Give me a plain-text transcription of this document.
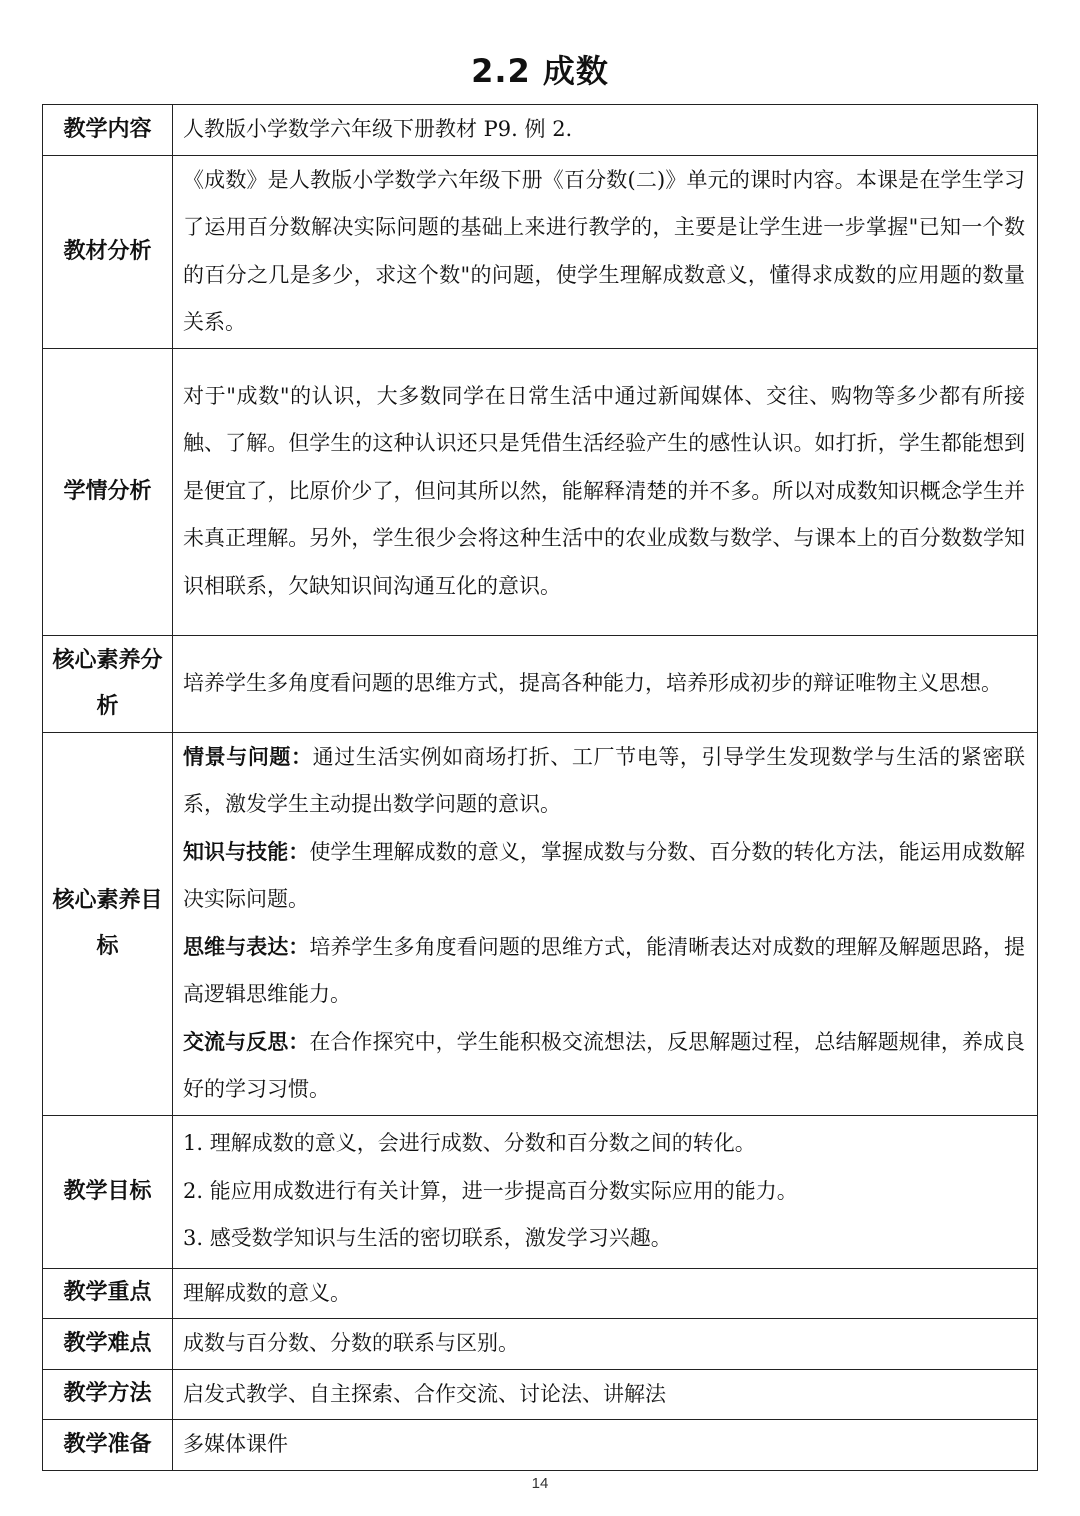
2.2 成数
教学内容	人教版小学数学六年级下册教材 P9. 例 2.
教材分析	《成数》是人教版小学数学六年级下册《百分数(二)》单元的课时内容。本课是在学生学习了运用百分数解决实际问题的基础上来进行教学的，主要是让学生进一步掌握"已知一个数的百分之几是多少，求这个数"的问题，使学生理解成数意义，懂得求成数的应用题的数量关系。
学情分析	对于"成数"的认识，大多数同学在日常生活中通过新闻媒体、交往、购物等多少都有所接触、了解。但学生的这种认识还只是凭借生活经验产生的感性认识。如打折，学生都能想到是便宜了，比原价少了，但问其所以然，能解释清楚的并不多。所以对成数知识概念学生并未真正理解。另外，学生很少会将这种生活中的农业成数与数学、与课本上的百分数数学知识相联系，欠缺知识间沟通互化的意识。
核心素养分析	培养学生多角度看问题的思维方式，提高各种能力，培养形成初步的辩证唯物主义思想。
核心素养目标	情景与问题：通过生活实例如商场打折、工厂节电等，引导学生发现数学与生活的紧密联系，激发学生主动提出数学问题的意识。
知识与技能：使学生理解成数的意义，掌握成数与分数、百分数的转化方法，能运用成数解决实际问题。
思维与表达：培养学生多角度看问题的思维方式，能清晰表达对成数的理解及解题思路，提高逻辑思维能力。
交流与反思：在合作探究中，学生能积极交流想法，反思解题过程，总结解题规律，养成良好的学习习惯。

教学目标	1. 理解成数的意义，会进行成数、分数和百分数之间的转化。
2. 能应用成数进行有关计算，进一步提高百分数实际应用的能力。
3. 感受数学知识与生活的密切联系，激发学习兴趣。

教学重点	理解成数的意义。
教学难点	成数与百分数、分数的联系与区别。
教学方法	启发式教学、自主探索、合作交流、讨论法、讲解法
教学准备	多媒体课件
14
